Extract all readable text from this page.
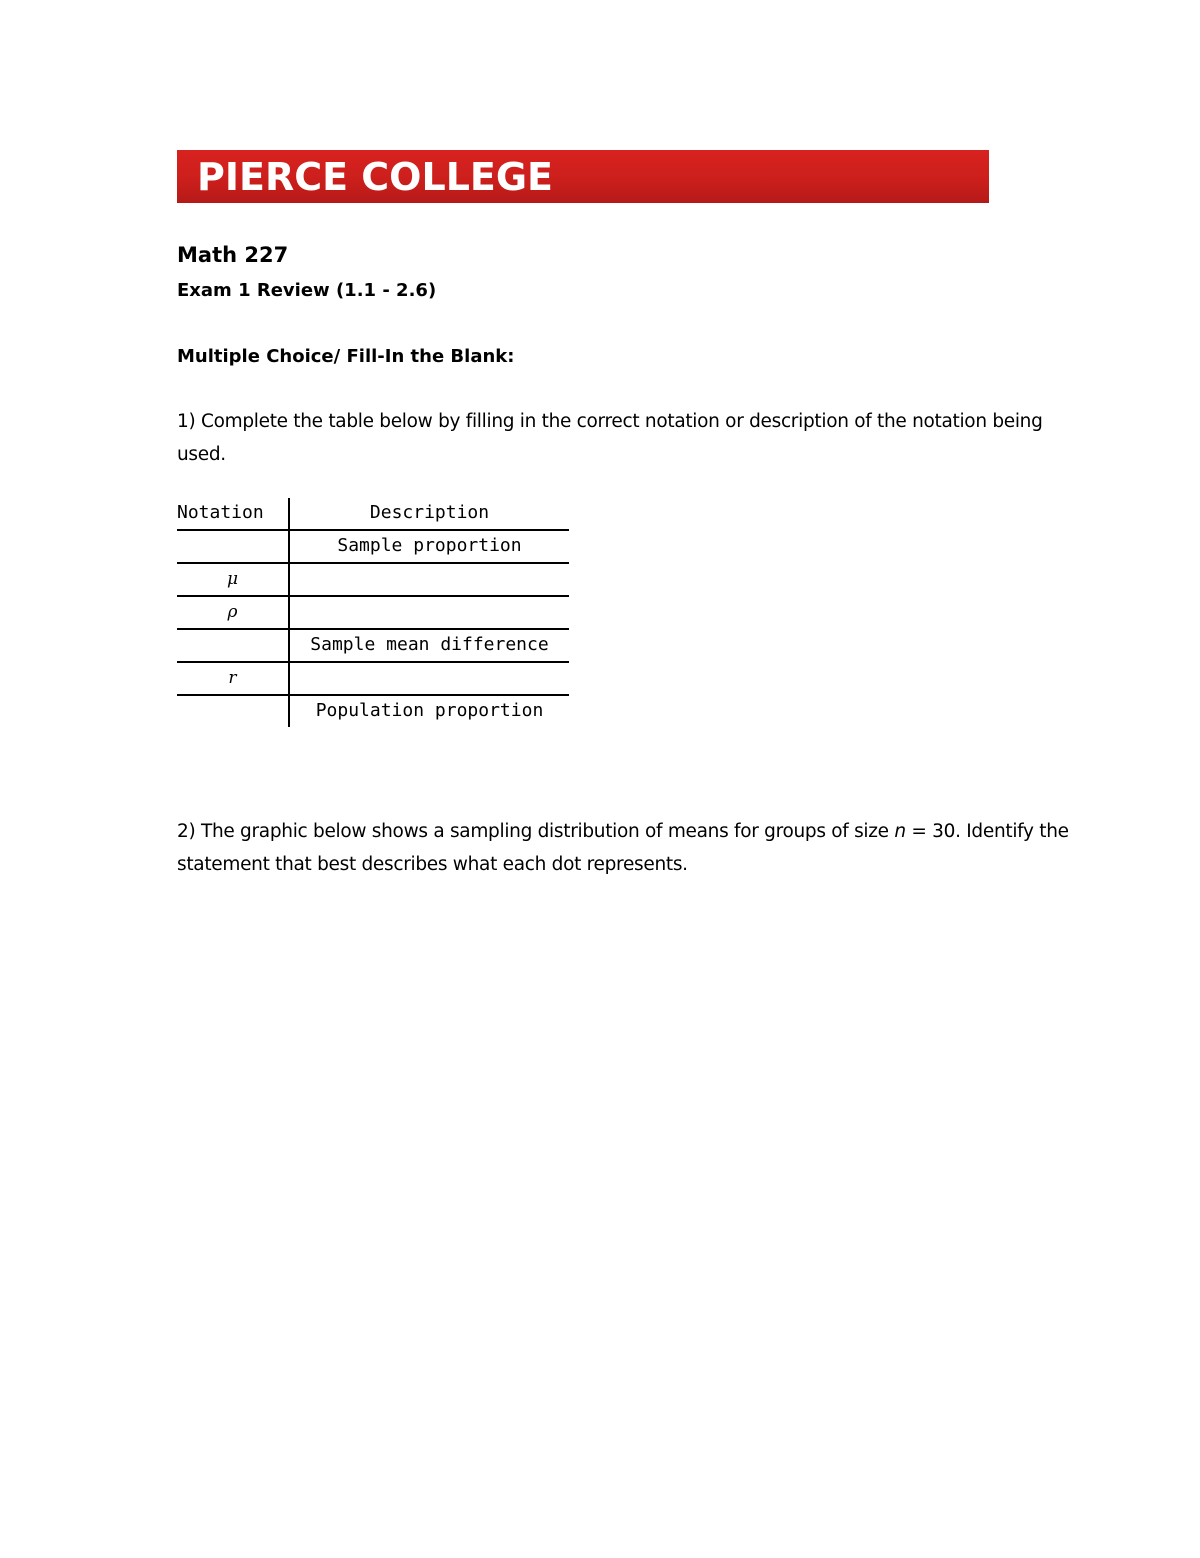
PIERCE COLLEGE
Math 227
Exam 1 Review (1.1 - 2.6)
Multiple Choice/ Fill-In the Blank:
1) Complete the table below by filling in the correct notation or description of the notation being used.
Notation	Description
Sample proportion
μ
ρ
Sample mean difference
r
Population proportion
2) The graphic below shows a sampling distribution of means for groups of size n = 30. Identify the statement that best describes what each dot represents.
